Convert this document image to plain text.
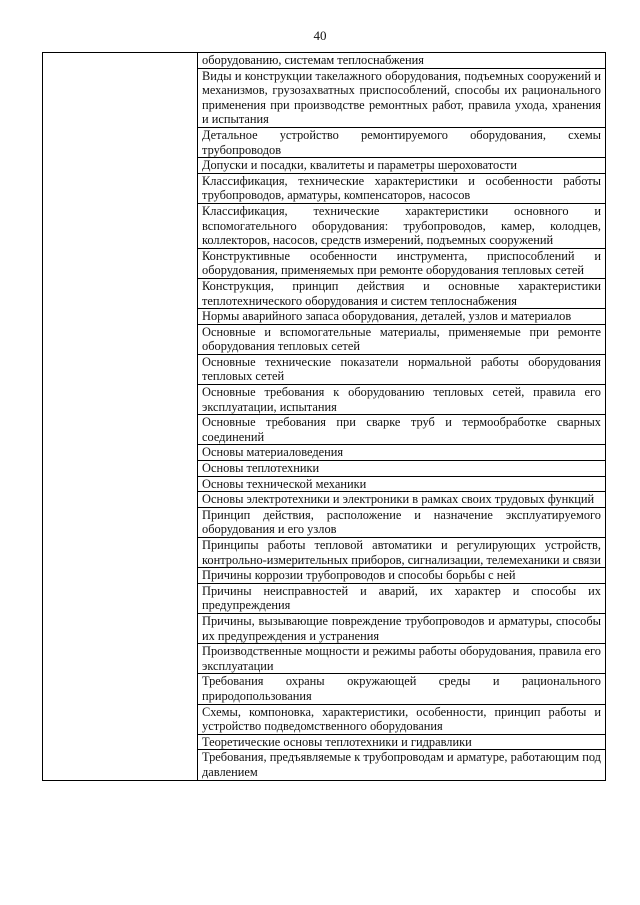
40
оборудованию, системам теплоснабжения
Виды и конструкции такелажного оборудования, подъемных сооружений и механизмов, грузозахватных приспособлений, способы их рационального применения при производстве ремонтных работ, правила ухода, хранения и испытания
Детальное устройство ремонтируемого оборудования, схемы трубопроводов
Допуски и посадки, квалитеты и параметры шероховатости
Классификация, технические характеристики и особенности работы трубопроводов, арматуры, компенсаторов, насосов
Классификация, технические характеристики основного и вспомогательного оборудования: трубопроводов, камер, колодцев, коллекторов, насосов, средств измерений, подъемных сооружений
Конструктивные особенности инструмента, приспособлений и оборудования, применяемых при ремонте оборудования тепловых сетей
Конструкция, принцип действия и основные характеристики теплотехнического оборудования и систем теплоснабжения
Нормы аварийного запаса оборудования, деталей, узлов и материалов
Основные и вспомогательные материалы, применяемые при ремонте оборудования тепловых сетей
Основные технические показатели нормальной работы оборудования тепловых сетей
Основные требования к оборудованию тепловых сетей, правила его эксплуатации, испытания
Основные требования при сварке труб и термообработке сварных соединений
Основы материаловедения
Основы теплотехники
Основы технической механики
Основы электротехники и электроники в рамках своих трудовых функций
Принцип действия, расположение и назначение эксплуатируемого оборудования и его узлов
Принципы работы тепловой автоматики и регулирующих устройств, контрольно-измерительных приборов, сигнализации, телемеханики и связи
Причины коррозии трубопроводов и способы борьбы с ней
Причины неисправностей и аварий, их характер и способы их предупреждения
Причины, вызывающие повреждение трубопроводов и арматуры, способы их предупреждения и устранения
Производственные мощности и режимы работы оборудования, правила его эксплуатации
Требования охраны окружающей среды и рационального природопользования
Схемы, компоновка, характеристики, особенности, принцип работы и устройство подведомственного оборудования
Теоретические основы теплотехники и гидравлики
Требования, предъявляемые к трубопроводам и арматуре, работающим под давлением
